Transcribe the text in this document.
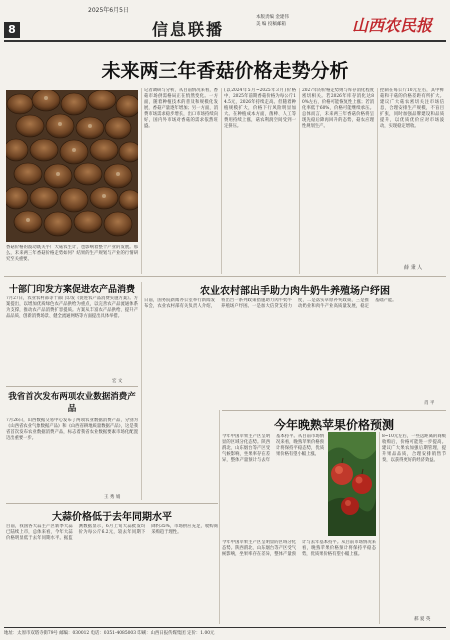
8
2025年6月5日
信息联播
本版责编 金建伟
美 编 投稿邮箱	山西农民报
未来两三年香菇价格走势分析
香菇价格的波动既关乎广大菇农生计，也影响着整个产业的发展。那么，未来两三年香菇价格走势如何？结果的生产规划与产业的行情研究至关重要。
记者调研与分析，从目前情况来看，香菇市场供需格局正在悄然变化。一方面，随着种植技术的普及和规模化发展，香菇产量逐年增加；另一方面，消费市场需求稳步增长，出口市场持续向好，国内外市场对香菇的需求依然旺盛。
(以2024年5月~2025年3月)价格中，2025年前期香菇价格为每公斤14.5元，2026年持续走高。但随着种植规模扩大，价格下行风险明显加大。在种植成本方面，菌棒、人工等费用持续上涨，菇农利润空间受到一定挤压。
2027年的价格走势则与库存消化程度密切相关。若2026年库存消化达80%左右，价格可能恢复性上涨；若消化率低于60%，价格可能继续承压。总体而言，未来两三年香菇价格将呈现先稳后降再回升的态势，菇农应理性规划生产。
控制在每公斤10元左右，其中鲜菇和干菇的价格差距有所扩大。建议广大菇农密切关注市场信息，合理安排生产规模，不盲目扩张，同时加强品牌建设和品质提升，以优质优价应对市场波动，实现稳定增收。
薛 秉 人
十部门印发方案促进农产品消费
7月27日，农业农村部等十部门印发《促进农产品消费实施方案》。方案提出，以增加优质绿色农产品供给为重点，以完善农产品流通体系为支撑，推动农产品消费扩容提质。方案从丰富农产品供给、提升产品品质、创新消费场景、健全流通网络等方面提出具体举措。
宏 文
我省首次发布两项农业数据消费产品
7月26日，山西数据交易中心发布了两项农业数据消费产品，分别为《山西省农业气象数据产品》和《山西省耕地质量数据产品》，这是我省首次发布农业数据消费产品，标志着我省农业数据要素市场化配置迈出重要一步。
王 秀 娟
大蒜价格低于去年同期水平
目前，我国各大蒜主产区新季大蒜已陆续上市，总体来看，今年大蒜价格明显低于去年同期水平。据监测数据显示，6月上旬大蒜批发均价为每公斤6.2元，较去年同期下降约35%，市场供应充足，收购商采购趋于理性。
农业农村部出手助力肉牛奶牛养殖场户纾困
日前，国务院新闻办公室举行新闻发布会，农业农村部有关负责人介绍，将出台一系列政策措施助力肉牛奶牛养殖场户纾困。一是加大信贷支持力度，二是落实草原补奖政策，三是推动奶业和肉牛产业高质量发展，稳定基础产能。
肖 平
今年晚熟苹果价格预测
今年中国苹果主产区呈明显的区域分化态势。陕西渭北、山东烟台等产区受气候影响，坐果率存在差异，整体产量预计与去年基本持平。从目前市场情况来看，晚熟苹果价格预计将保持平稳态势，优质果价格有望小幅上涨。
今年中国苹果主产区呈明显的区域分化态势。陕西渭北、山东烟台等产区受气候影响，坐果率存在差异，整体产量预计与去年基本持平。从目前市场情况来看，晚熟苹果价格预计将保持平稳态势，优质果价格有望小幅上涨。
8~10元左右，一些远距离的商贩收购后，价格可能进一步提高。建议广大果农加强后期管理，提升果品品质，合理安排销售节奏，以获得更好的经济效益。
郝 爱 英
地址：太原市双塔寺街79号 邮编：030012 电话：0351-4085003 印刷：山西日报传媒集团 定价：1.00元
